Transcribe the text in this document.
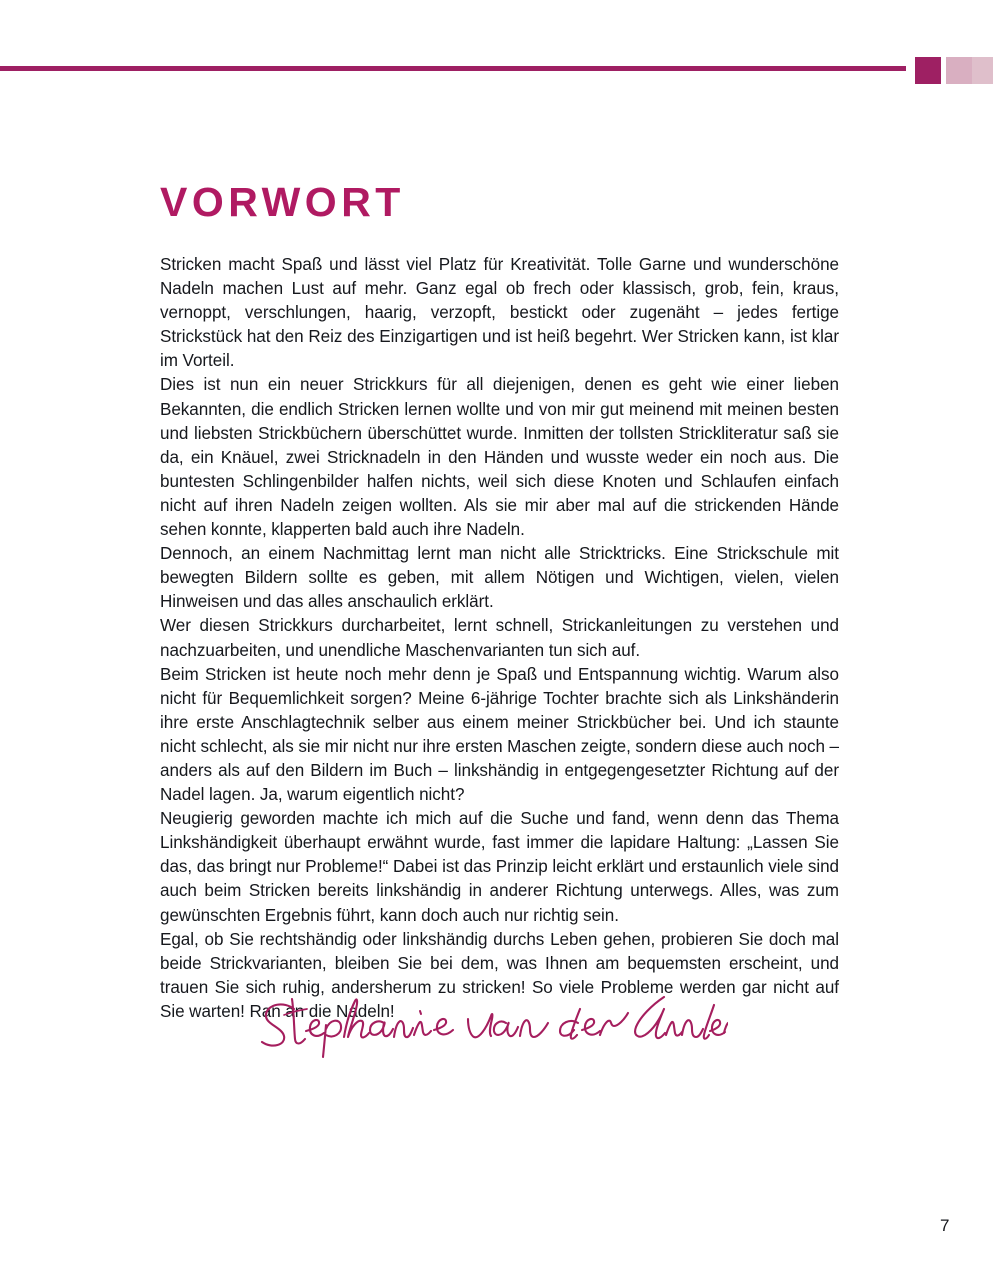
VORWORT

Stricken macht Spaß und lässt viel Platz für Kreativität. Tolle Garne und wunderschöne Nadeln machen Lust auf mehr. Ganz egal ob frech oder klassisch, grob, fein, kraus, vernoppt, verschlungen, haarig, verzopft, bestickt oder zugenäht – jedes fertige Strickstück hat den Reiz des Einzigartigen und ist heiß begehrt. Wer Stricken kann, ist klar im Vorteil.

Dies ist nun ein neuer Strickkurs für all diejenigen, denen es geht wie einer lieben Bekannten, die endlich Stricken lernen wollte und von mir gut meinend mit meinen besten und liebsten Strickbüchern überschüttet wurde. Inmitten der tollsten Strickliteratur saß sie da, ein Knäuel, zwei Stricknadeln in den Händen und wusste weder ein noch aus. Die buntesten Schlingenbilder halfen nichts, weil sich diese Knoten und Schlaufen einfach nicht auf ihren Nadeln zeigen wollten. Als sie mir aber mal auf die strickenden Hände sehen konnte, klapperten bald auch ihre Nadeln.

Dennoch, an einem Nachmittag lernt man nicht alle Stricktricks. Eine Strickschule mit bewegten Bildern sollte es geben, mit allem Nötigen und Wichtigen, vielen, vielen Hinweisen und das alles anschaulich erklärt.

Wer diesen Strickkurs durcharbeitet, lernt schnell, Strickanleitungen zu verstehen und nachzuarbeiten, und unendliche Maschenvarianten tun sich auf.

Beim Stricken ist heute noch mehr denn je Spaß und Entspannung wichtig. Warum also nicht für Bequemlichkeit sorgen? Meine 6-jährige Tochter brachte sich als Linkshänderin ihre erste Anschlagtechnik selber aus einem meiner Strickbücher bei. Und ich staunte nicht schlecht, als sie mir nicht nur ihre ersten Maschen zeigte, sondern diese auch noch – anders als auf den Bildern im Buch – linkshändig in entgegengesetzter Richtung auf der Nadel lagen. Ja, warum eigentlich nicht?

Neugierig geworden machte ich mich auf die Suche und fand, wenn denn das Thema Linkshändigkeit überhaupt erwähnt wurde, fast immer die lapidare Haltung: „Lassen Sie das, das bringt nur Probleme!“ Dabei ist das Prinzip leicht erklärt und erstaunlich viele sind auch beim Stricken bereits linkshändig in anderer Richtung unterwegs. Alles, was zum gewünschten Ergebnis führt, kann doch auch nur richtig sein.

Egal, ob Sie rechtshändig oder linkshändig durchs Leben gehen, probieren Sie doch mal beide Strickvarianten, bleiben Sie bei dem, was Ihnen am bequemsten erscheint, und trauen Sie sich ruhig, andersherum zu stricken! So viele Probleme werden gar nicht auf Sie warten! Ran an die Nadeln!

7
